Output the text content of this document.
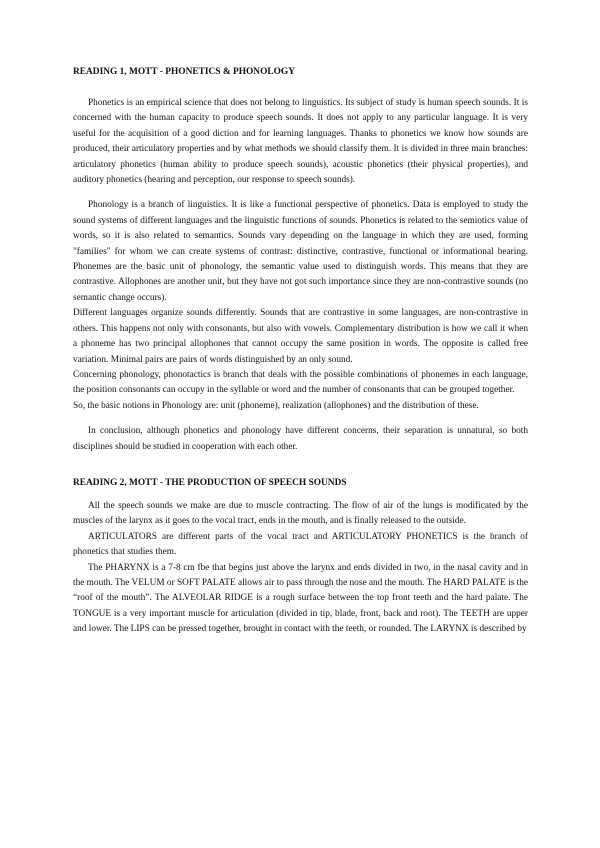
READING 1, MOTT - PHONETICS & PHONOLOGY

Phonetics is an empirical science that does not belong to linguistics. Its subject of study is human speech sounds. It is concerned with the human capacity to produce speech sounds. It does not apply to any particular language. It is very useful for the acquisition of a good diction and for learning languages. Thanks to phonetics we know how sounds are produced, their articulatory properties and by what methods we should classify them. It is divided in three main branches: articulatory phonetics (human ability to produce speech sounds), acoustic phonetics (their physical properties), and auditory phonetics (hearing and perception, our response to speech sounds).

Phonology is a branch of linguistics. It is like a functional perspective of phonetics. Data is employed to study the sound systems of different languages and the linguistic functions of sounds. Phonetics is related to the semiotics value of words, so it is also related to semantics. Sounds vary depending on the language in which they are used, forming "families" for whom we can create systems of contrast: distinctive, contrastive, functional or informational bearing. Phonemes are the basic unit of phonology, the semantic value used to distinguish words. This means that they are contrastive. Allophones are another unit, but they have not got such importance since they are non-contrastive sounds (no semantic change occurs).

Different languages organize sounds differently. Sounds that are contrastive in some languages, are non-contrastive in others. This happens not only with consonants, but also with vowels. Complementary distribution is how we call it when a phoneme has two principal allophones that cannot occupy the same position in words. The opposite is called free variation. Minimal pairs are pairs of words distinguished by an only sound.

Concerning phonology, phonotactics is branch that deals with the possible combinations of phonemes in each language, the position consonants can occupy in the syllable or word and the number of consonants that can be grouped together.

So, the basic notions in Phonology are: unit (phoneme), realization (allophones) and the distribution of these.

In conclusion, although phonetics and phonology have different concerns, their separation is unnatural, so both disciplines should be studied in cooperation with each other.

READING 2, MOTT - THE PRODUCTION OF SPEECH SOUNDS

All the speech sounds we make are due to muscle contracting. The flow of air of the lungs is modificated by the muscles of the larynx as it goes to the vocal tract, ends in the mouth, and is finally released to the outside.

ARTICULATORS are different parts of the vocal tract and ARTICULATORY PHONETICS is the branch of phonetics that studies them.

The PHARYNX is a 7-8 cm fbe that begins just above the larynx and ends divided in two, in the nasal cavity and in the mouth. The VELUM or SOFT PALATE allows air to pass through the nose and the mouth. The HARD PALATE is the “roof of the mouth”. The ALVEOLAR RIDGE is a rough surface between the top front teeth and the hard palate. The TONGUE is a very important muscle for articulation (divided in tip, blade, front, back and root). The TEETH are upper and lower. The LIPS can be pressed together, brought in contact with the teeth, or rounded. The LARYNX is described by
